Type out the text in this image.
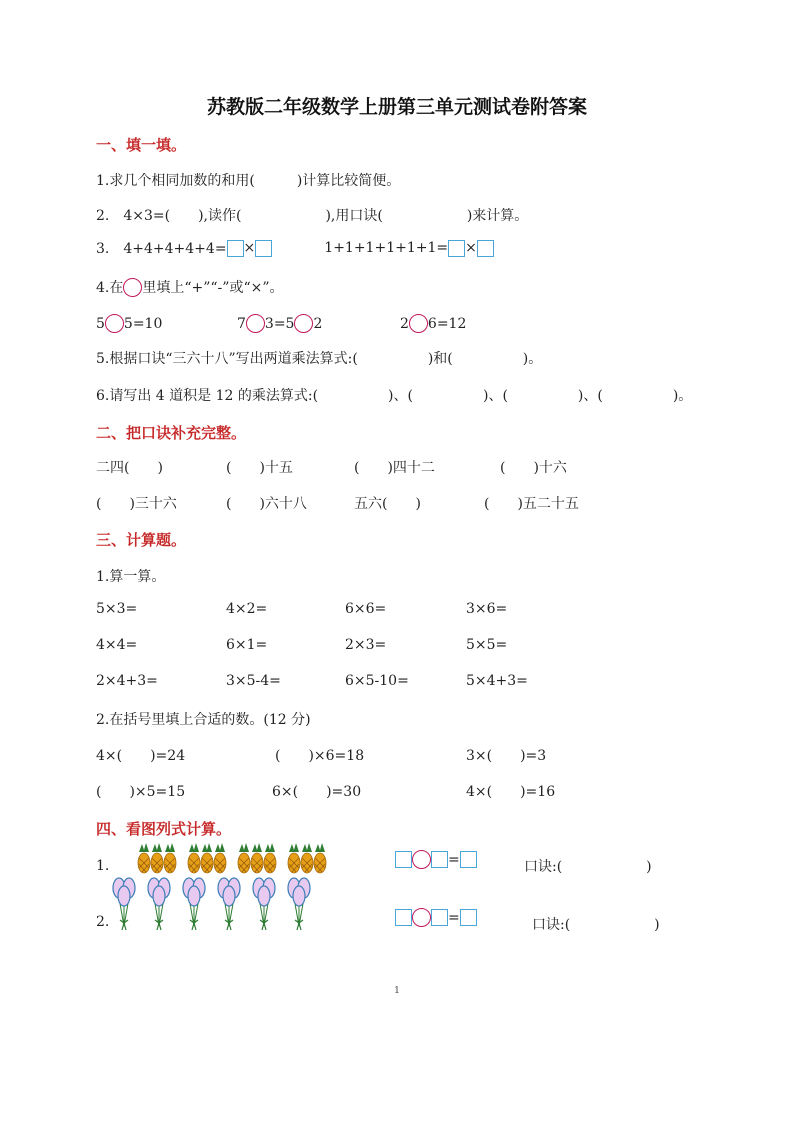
苏教版二年级数学上册第三单元测试卷附答案
一、填一填。
1.求几个相同加数的和用(　　　)计算比较简便。
2.　4×3=(　　),读作(　　　　　　),用口诀(　　　　　　)来计算。
3.　4+4+4+4+4= ×	1+1+1+1+1+1= ×
4.在 里填上“+”“-”或“×”。
5 5=10	7 3=5 2	2 6=12
5.根据口诀“三六十八”写出两道乘法算式:(　　　　　)和(　　　　　)。
6.请写出 4 道积是 12 的乘法算式:(　　　　　)、(　　　　　)、(　　　　　)、(　　　　　)。
二、把口诀补充完整。
二四(　　)	(　　)十五	(　　)四十二	(　　)十六
(　　)三十六	(　　)六十八	五六(　　)	(　　)五二十五
三、计算题。
1.算一算。
5×3=	4×2=	6×6=	3×6=
4×4=	6×1=	2×3=	5×5=
2×4+3=	3×5-4=	6×5-10=	5×4+3=
2.在括号里填上合适的数。(12 分)
4×(　　)=24	(　　)×6=18	3×(　　)=3
(　　)×5=15	6×(　　)=30	4×(　　)=16
四、看图列式计算。
1.	=	口诀:(　　　　　　)
2.	=	口诀:(　　　　　　)
1
